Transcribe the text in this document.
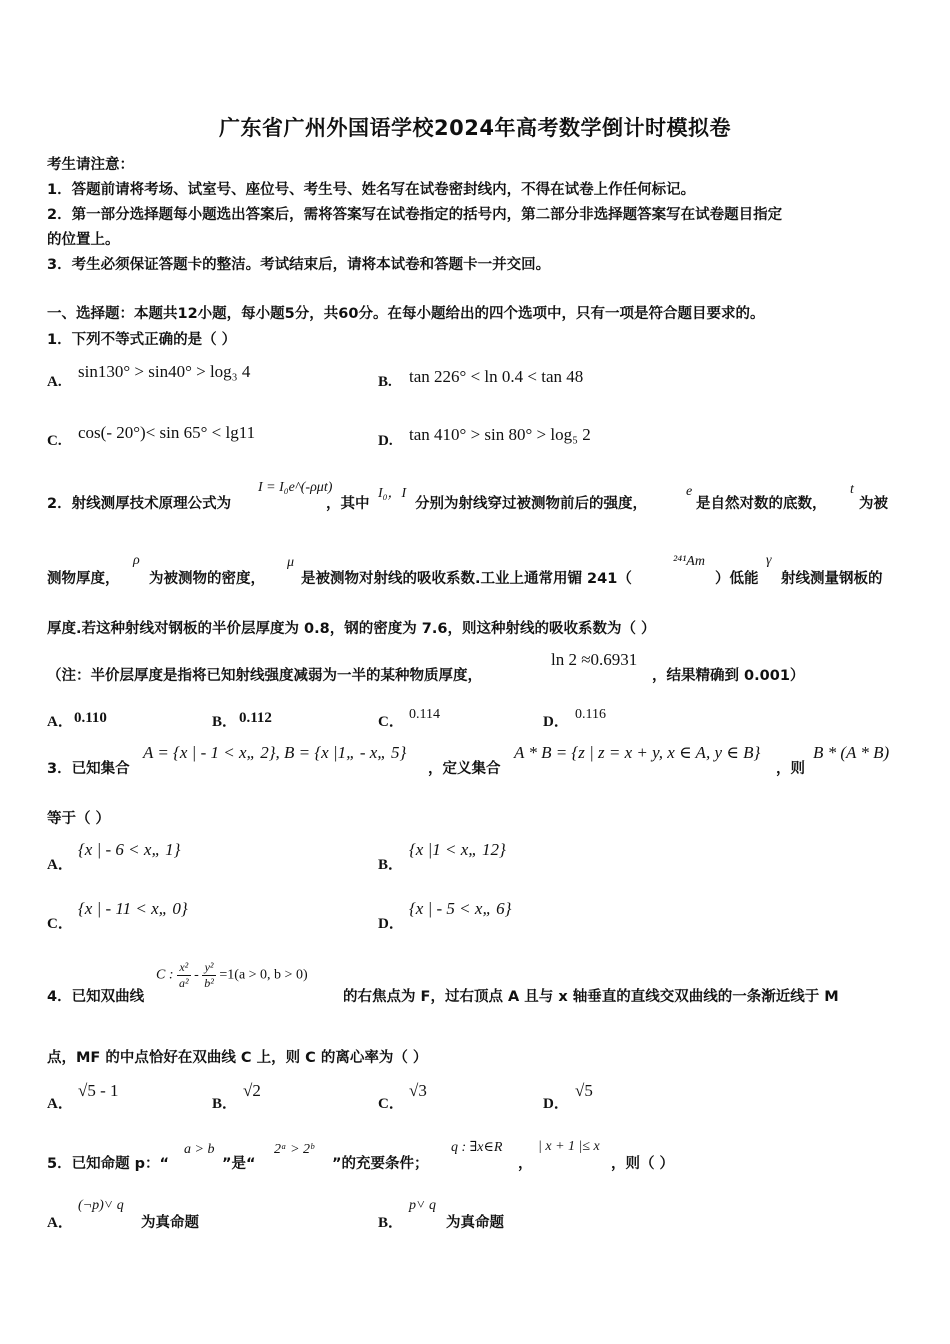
广东省广州外国语学校2024年高考数学倒计时模拟卷
考生请注意：
1．答题前请将考场、试室号、座位号、考生号、姓名写在试卷密封线内，不得在试卷上作任何标记。
2．第一部分选择题每小题选出答案后，需将答案写在试卷指定的括号内，第二部分非选择题答案写在试卷题目指定
的位置上。
3．考生必须保证答题卡的整洁。考试结束后，请将本试卷和答题卡一并交回。
一、选择题：本题共12小题，每小题5分，共60分。在每小题给出的四个选项中，只有一项是符合题目要求的。
1．下列不等式正确的是（ ）
A.
sin130° > sin40° > log₃ 4
B. tan 226° < ln 0.4 < tan 48
C. cos(- 20°)< sin 65° < lg11	D. tan 410° > sin 80° > log₅ 2
2．射线测厚技术原理公式为
I = I₀e^(-ρμt)
，其中
I₀，I
分别为射线穿过被测物前后的强度，
e
是自然对数的底数，
t
为被
测物厚度，
ρ
为被测物的密度，
μ
是被测物对射线的吸收系数.工业上通常用镅 241（
²⁴¹Am
）低能
γ
射线测量钢板的
厚度.若这种射线对钢板的半价层厚度为 0.8，钢的密度为 7.6，则这种射线的吸收系数为（ ）
（注：半价层厚度是指将已知射线强度减弱为一半的某种物质厚度，
ln 2 ≈0.6931
，结果精确到 0.001）
A． 0.110	B． 0.112	C． 0.114	D． 0.116
3．已知集合
A = {x | - 1 < x„ 2}, B = {x |1„ - x„ 5}
，定义集合
A * B = {z | z = x + y, x ∈ A, y ∈ B}
，则
B * (A * B)
等于（ ）
A．
{x | - 6 < x„ 1}
B．
{x |1 < x„ 12}
C．
{x | - 11 < x„ 0}
D．
{x | - 5 < x„ 6}
4．已知双曲线
C : $\frac{\text{x²}}{\text{a²}} - \frac{\text{y²}}{\text{b²}} =1(a > 0$, b > 0)
的右焦点为 F，过右顶点 A 且与 x 轴垂直的直线交双曲线的一条渐近线于 M
点，MF 的中点恰好在双曲线 C 上，则 C 的离心率为（ ）
A．
√5 - 1
B．
√2
C．
√3
D．
√5
5．已知命题 p：“
a > b
”是“
2ᵃ > 2ᵇ
”的充要条件；
q : ∃x∈R
，
| x + 1 |≤ x
，则（ ）
A．
(¬p)˅ q
为真命题	B．
p˅ q
为真命题
